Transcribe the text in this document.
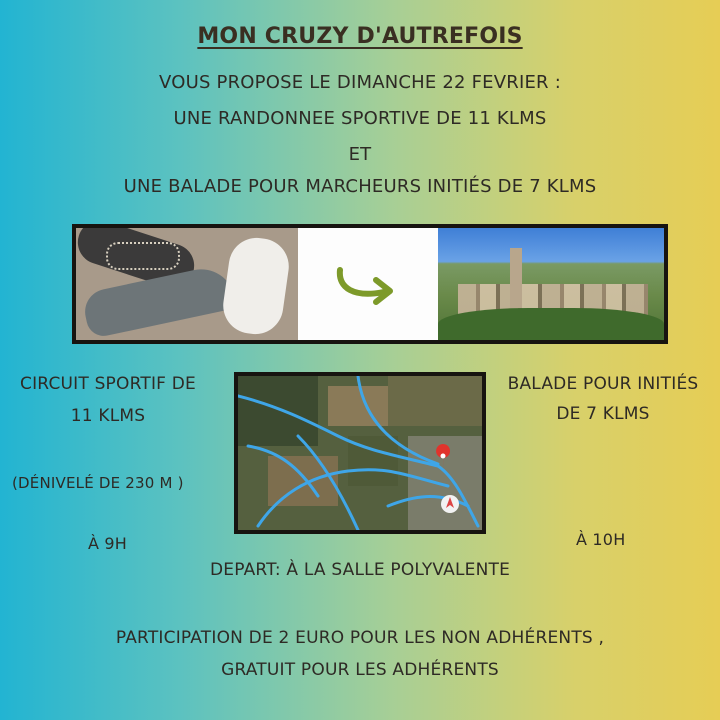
MON CRUZY D'AUTREFOIS
VOUS PROPOSE LE DIMANCHE 22 FEVRIER :
UNE RANDONNEE SPORTIVE DE 11 KLMS
ET
UNE BALADE POUR MARCHEURS INITIÉS DE 7 KLMS
CIRCUIT SPORTIF DE
11 KLMS
(DÉNIVELÉ DE 230 M )
À 9H
BALADE POUR INITIÉS
DE 7 KLMS
À 10H
DEPART: À LA SALLE POLYVALENTE
PARTICIPATION DE 2 EURO POUR LES NON ADHÉRENTS ,
GRATUIT POUR LES ADHÉRENTS
